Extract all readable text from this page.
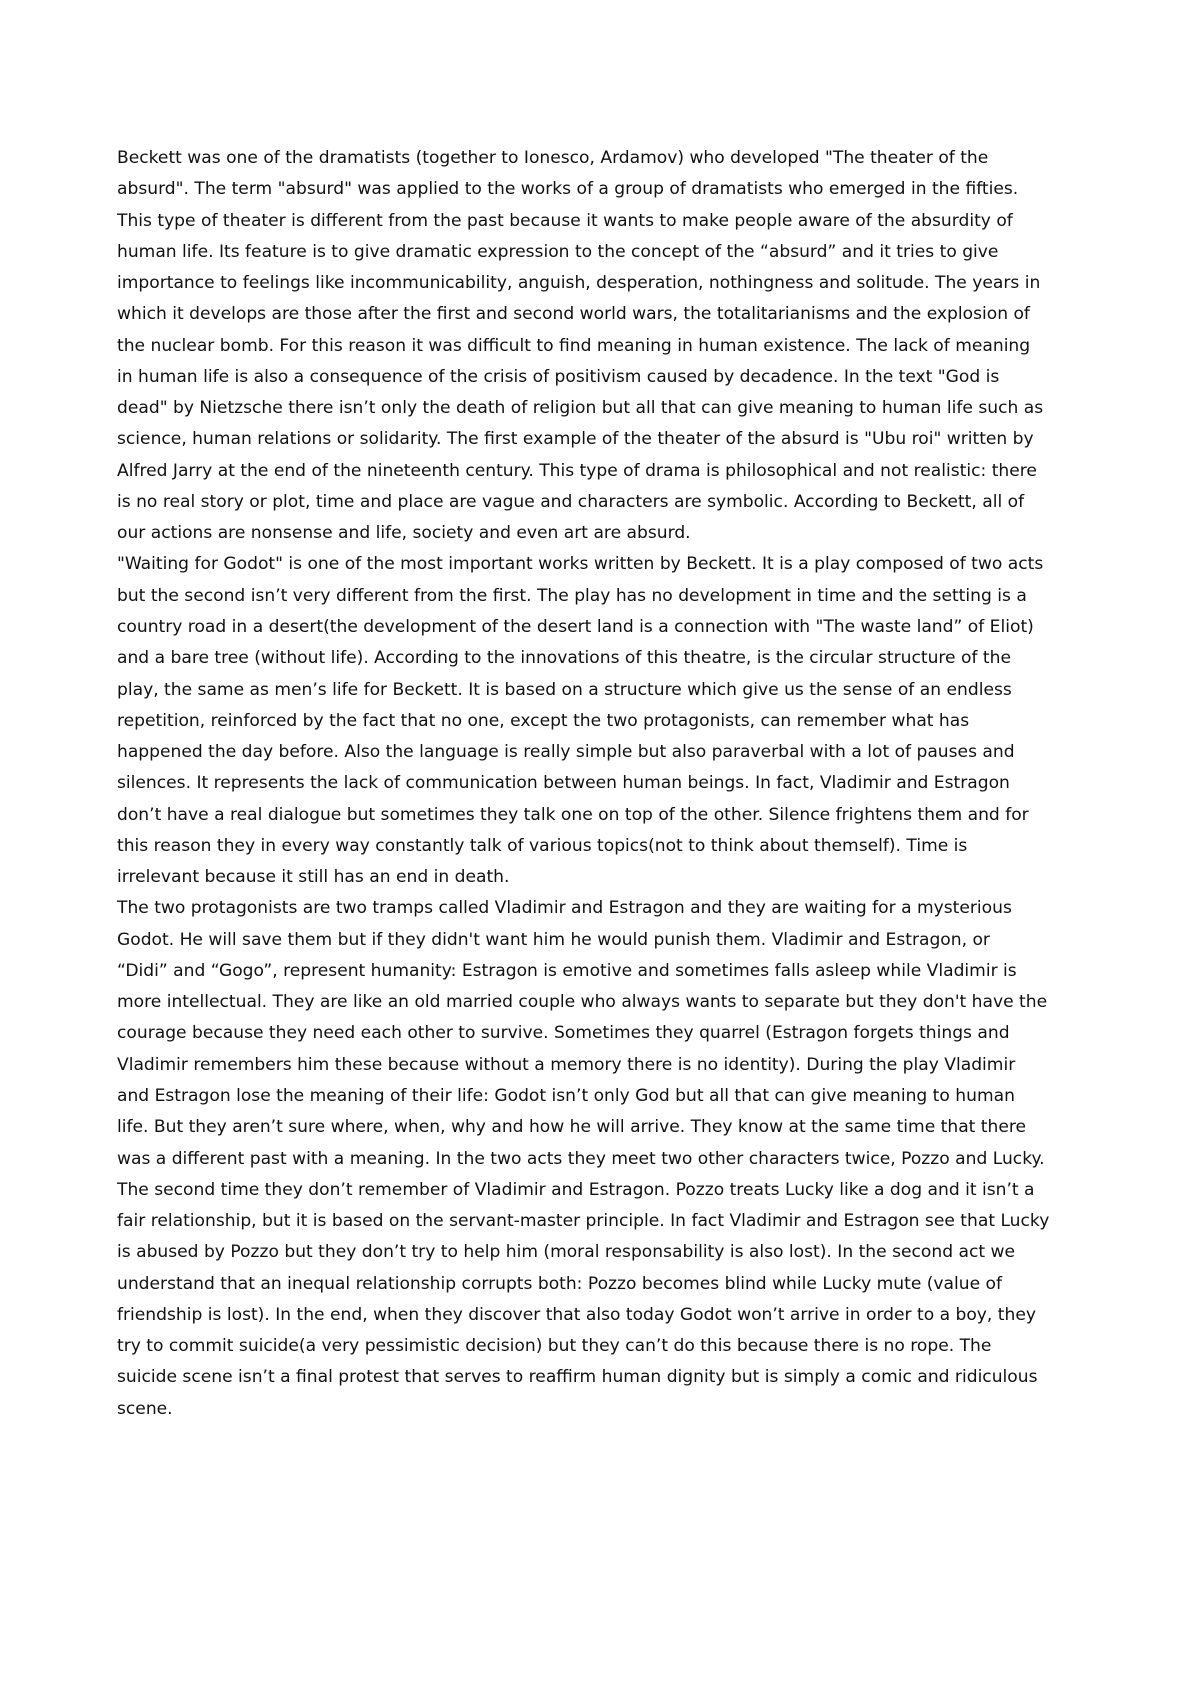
Beckett was one of the dramatists (together to Ionesco, Ardamov) who developed "The theater of the
absurd". The term "absurd" was applied to the works of a group of dramatists who emerged in the fifties.
This type of theater is different from the past because it wants to make people aware of the absurdity of
human life. Its feature is to give dramatic expression to the concept of the “absurd” and it tries to give
importance to feelings like incommunicability, anguish, desperation, nothingness and solitude. The years in
which it develops are those after the first and second world wars, the totalitarianisms and the explosion of
the nuclear bomb. For this reason it was difficult to find meaning in human existence. The lack of meaning
in human life is also a consequence of the crisis of positivism caused by decadence. In the text "God is
dead" by Nietzsche there isn’t only the death of religion but all that can give meaning to human life such as
science, human relations or solidarity. The first example of the theater of the absurd is "Ubu roi" written by
Alfred Jarry at the end of the nineteenth century. This type of drama is philosophical and not realistic: there
is no real story or plot, time and place are vague and characters are symbolic. According to Beckett, all of
our actions are nonsense and life, society and even art are absurd.
"Waiting for Godot" is one of the most important works written by Beckett. It is a play composed of two acts
but the second isn’t very different from the first. The play has no development in time and the setting is a
country road in a desert(the development of the desert land is a connection with "The waste land” of Eliot)
and a bare tree (without life). According to the innovations of this theatre, is the circular structure of the
play, the same as men’s life for Beckett. It is based on a structure which give us the sense of an endless
repetition, reinforced by the fact that no one, except the two protagonists, can remember what has
happened the day before. Also the language is really simple but also paraverbal with a lot of pauses and
silences. It represents the lack of communication between human beings. In fact, Vladimir and Estragon
don’t have a real dialogue but sometimes they talk one on top of the other. Silence frightens them and for
this reason they in every way constantly talk of various topics(not to think about themself). Time is
irrelevant because it still has an end in death.
The two protagonists are two tramps called Vladimir and Estragon and they are waiting for a mysterious
Godot. He will save them but if they didn't want him he would punish them. Vladimir and Estragon, or
“Didi” and “Gogo”, represent humanity: Estragon is emotive and sometimes falls asleep while Vladimir is
more intellectual. They are like an old married couple who always wants to separate but they don't have the
courage because they need each other to survive. Sometimes they quarrel (Estragon forgets things and
Vladimir remembers him these because without a memory there is no identity). During the play Vladimir
and Estragon lose the meaning of their life: Godot isn’t only God but all that can give meaning to human
life. But they aren’t sure where, when, why and how he will arrive. They know at the same time that there
was a different past with a meaning. In the two acts they meet two other characters twice, Pozzo and Lucky.
The second time they don’t remember of Vladimir and Estragon. Pozzo treats Lucky like a dog and it isn’t a
fair relationship, but it is based on the servant-master principle. In fact Vladimir and Estragon see that Lucky
is abused by Pozzo but they don’t try to help him (moral responsability is also lost). In the second act we
understand that an inequal relationship corrupts both: Pozzo becomes blind while Lucky mute (value of
friendship is lost). In the end, when they discover that also today Godot won’t arrive in order to a boy, they
try to commit suicide(a very pessimistic decision) but they can’t do this because there is no rope. The
suicide scene isn’t a final protest that serves to reaffirm human dignity but is simply a comic and ridiculous
scene.
